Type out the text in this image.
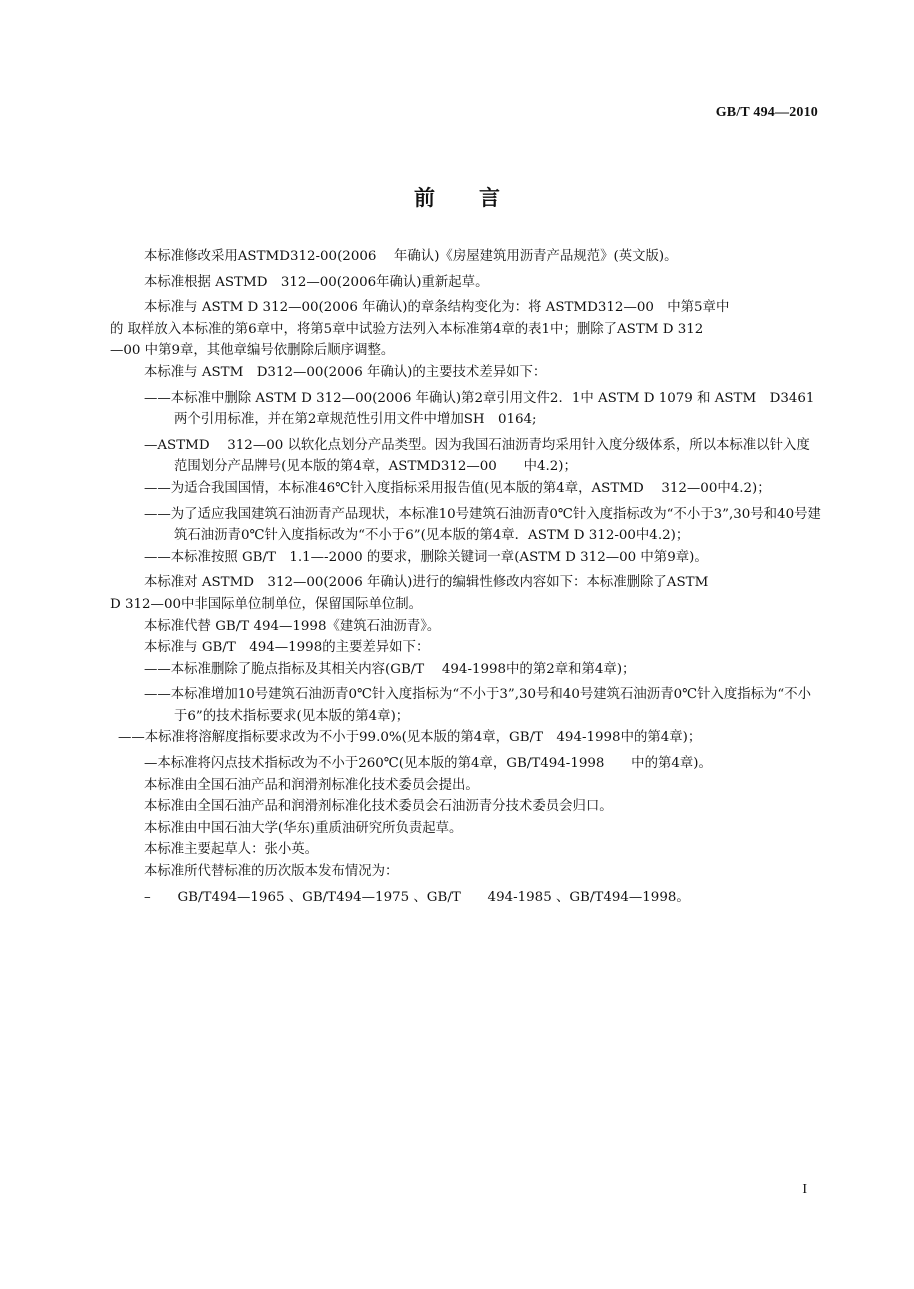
GB/T 494—2010
前言

本标准修改采用ASTMD312-00(2006　 年确认)《房屋建筑用沥青产品规范》(英文版)。

本标准根据 ASTMD　312—00(2006年确认)重新起草。

本标准与 ASTM D 312—00(2006 年确认)的章条结构变化为：将 ASTMD312—00　中第5章中

的 取样放入本标准的第6章中，将第5章中试验方法列入本标准第4章的表1中；删除了ASTM D 312

—00 中第9章，其他章编号依删除后顺序调整。

本标准与 ASTM　D312—00(2006 年确认)的主要技术差异如下：

——本标准中删除 ASTM D 312—00(2006 年确认)第2章引用文件2．1中 ASTM D 1079 和 ASTM　D3461 两个引用标准，并在第2章规范性引用文件中增加SH　0164;

—ASTMD　 312—00 以软化点划分产品类型。因为我国石油沥青均采用针入度分级体系，所以本标准以针入度范围划分产品牌号(见本版的第4章，ASTMD312—00　　中4.2)；

——为适合我国国情，本标准46℃针入度指标采用报告值(见本版的第4章，ASTMD　 312—00中4.2)；

——为了适应我国建筑石油沥青产品现状，本标准10号建筑石油沥青0℃针入度指标改为“不小于3”,30号和40号建筑石油沥青0℃针入度指标改为“不小于6”(见本版的第4章．ASTM D 312-00中4.2)；

——本标准按照 GB/T　1.1—-2000 的要求，删除关键词一章(ASTM D 312—00 中第9章)。

本标准对 ASTMD　312—00(2006 年确认)进行的编辑性修改内容如下：本标准删除了ASTM

D 312—00中非国际单位制单位，保留国际单位制。

本标准代替 GB/T 494—1998《建筑石油沥青》。

本标准与 GB/T　494—1998的主要差异如下：

——本标准删除了脆点指标及其相关内容(GB/T　 494-1998中的第2章和第4章)；

——本标准增加10号建筑石油沥青0℃针入度指标为“不小于3”,30号和40号建筑石油沥青0℃针入度指标为“不小于6”的技术指标要求(见本版的第4章)；

——本标准将溶解度指标要求改为不小于99.0%(见本版的第4章，GB/T　494-1998中的第4章)；

—本标准将闪点技术指标改为不小于260℃(见本版的第4章，GB/T494-1998　　中的第4章)。

本标准由全国石油产品和润滑剂标准化技术委员会提出。

本标准由全国石油产品和润滑剂标准化技术委员会石油沥青分技术委员会归口。

本标准由中国石油大学(华东)重质油研究所负责起草。

本标准主要起草人：张小英。

本标准所代替标准的历次版本发布情况为：

–　　GB/T494—1965 、GB/T494—1975 、GB/T　　494-1985 、GB/T494—1998。

I
